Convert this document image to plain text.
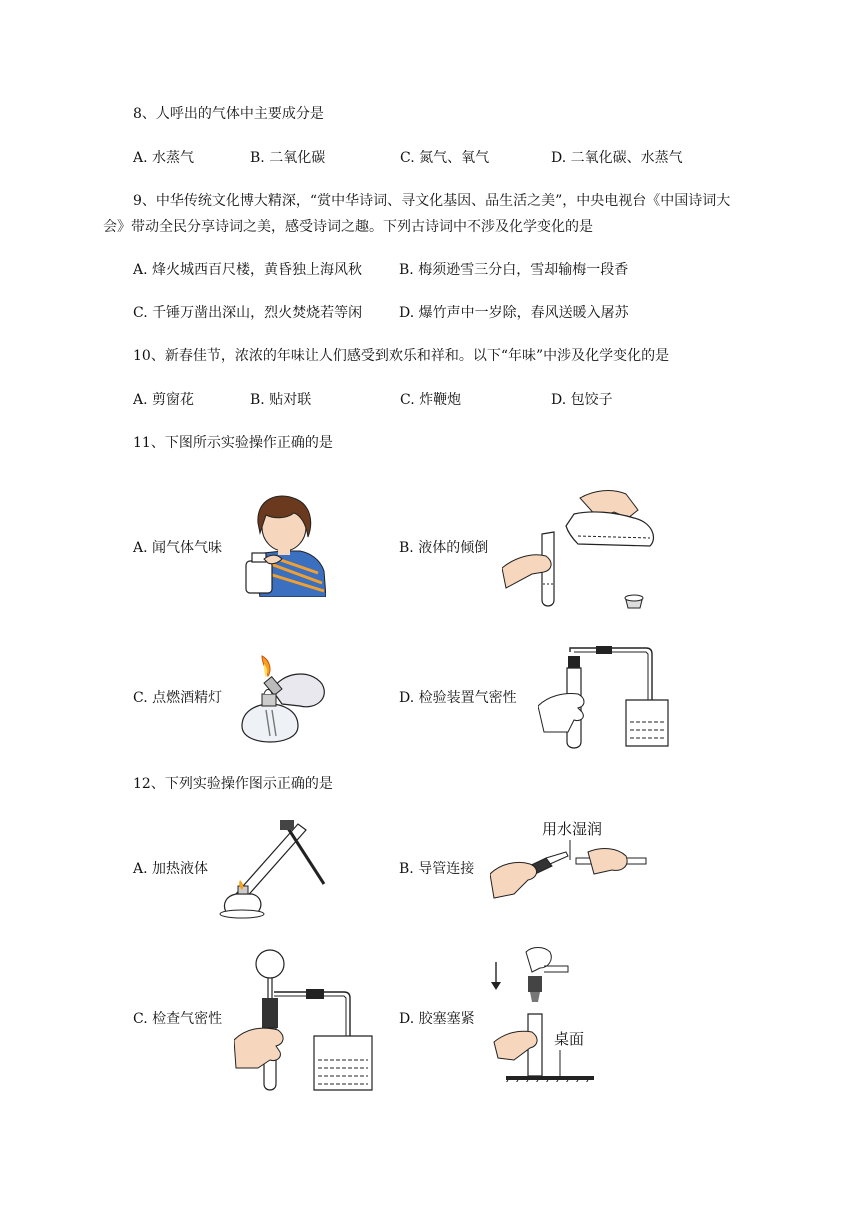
8、人呼出的气体中主要成分是
A. 水蒸气	B. 二氧化碳	C. 氮气、氧气	D. 二氧化碳、水蒸气
9、中华传统文化博大精深，“赏中华诗词、寻文化基因、品生活之美”，中央电视台《中国诗词大
会》带动全民分享诗词之美，感受诗词之趣。下列古诗词中不涉及化学变化的是
A. 烽火城西百尺楼，黄昏独上海风秋	B. 梅须逊雪三分白，雪却输梅一段香
C. 千锤万凿出深山，烈火焚烧若等闲	D. 爆竹声中一岁除，春风送暖入屠苏
10、新春佳节，浓浓的年味让人们感受到欢乐和祥和。以下“年味”中涉及化学变化的是
A. 剪窗花	B. 贴对联	C. 炸鞭炮	D. 包饺子
11、下图所示实验操作正确的是
A. 闻气体气味	B. 液体的倾倒
C. 点燃酒精灯	D. 检验装置气密性
12、下列实验操作图示正确的是
A. 加热液体	B. 导管连接
C. 检查气密性	D. 胶塞塞紧
用水湿润
桌面
